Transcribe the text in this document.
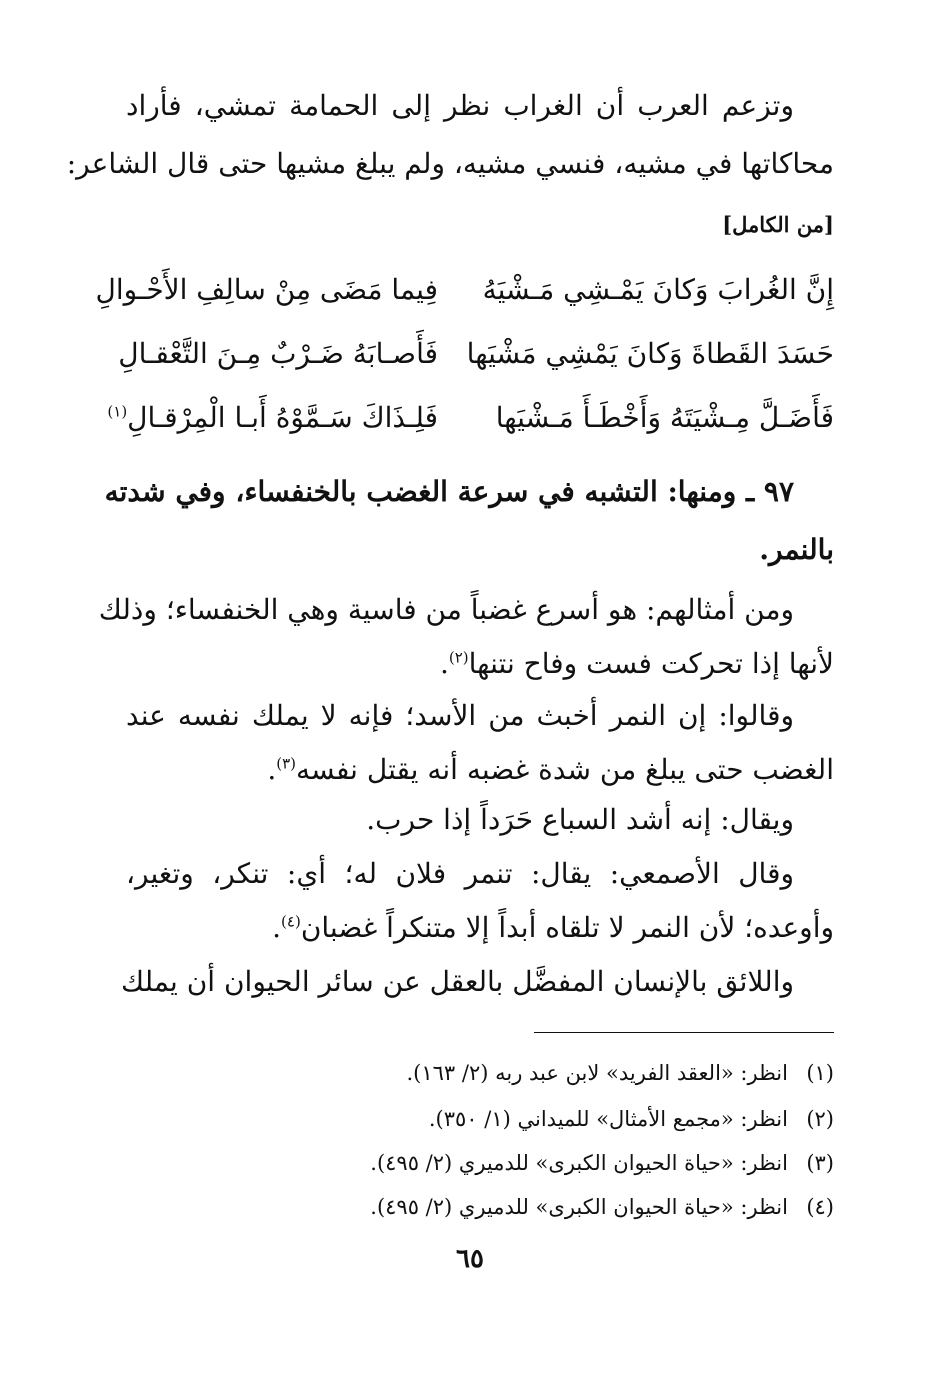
وتزعم العرب أن الغراب نظر إلى الحمامة تمشي، فأراد
محاكاتها في مشيه، فنسي مشيه، ولم يبلغ مشيها حتى قال الشاعر:
[من الكامل]
إِنَّ الغُرابَ وَكانَ يَمْـشِي مَـشْيَهُ
فِيما مَضَى مِنْ سالِفِ الأَحْـوالِ
حَسَدَ القَطاةَ وَكانَ يَمْشِي مَشْيَها
فَأَصـابَهُ ضَـرْبٌ مِـنَ التَّعْقـالِ
فَأَضَـلَّ مِـشْيَتَهُ وَأَخْطَـأَ مَـشْيَها
فَلِـذَاكَ سَـمَّوْهُ أَبـا الْمِرْقـالِ$^{(١)}$
٩٧ ـ ومنها: التشبه في سرعة الغضب بالخنفساء، وفي شدته
بالنمر.
ومن أمثالهم: هو أسرع غضباً من فاسية وهي الخنفساء؛ وذلك
لأنها إذا تحركت فست وفاح نتنها$^{(٢)}$.
وقالوا: إن النمر أخبث من الأسد؛ فإنه لا يملك نفسه عند
الغضب حتى يبلغ من شدة غضبه أنه يقتل نفسه$^{(٣)}$.
ويقال: إنه أشد السباع حَرَداً إذا حرب.
وقال الأصمعي: يقال: تنمر فلان له؛ أي: تنكر، وتغير،
وأوعده؛ لأن النمر لا تلقاه أبداً إلا متنكراً غضبان$^{(٤)}$.
واللائق بالإنسان المفضَّل بالعقل عن سائر الحيوان أن يملك
(١)انظر: «العقد الفريد» لابن عبد ربه (٢/ ١٦٣).
(٢)انظر: «مجمع الأمثال» للميداني (١/ ٣٥٠).
(٣)انظر: «حياة الحيوان الكبرى» للدميري (٢/ ٤٩٥).
(٤)انظر: «حياة الحيوان الكبرى» للدميري (٢/ ٤٩٥).
٦٥
